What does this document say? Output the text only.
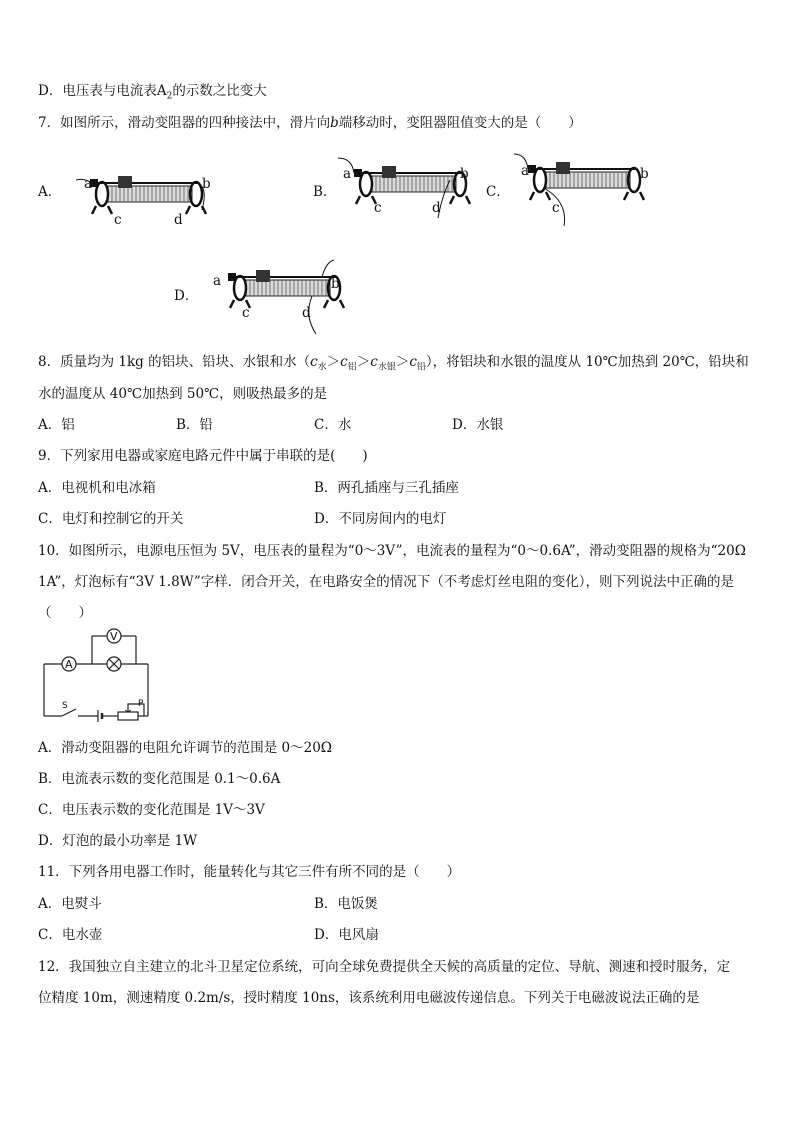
D．电压表与电流表$A_2$的示数之比变大
7．如图所示，滑动变阻器的四种接法中，滑片向b端移动时，变阻器阻值变大的是（　　）
A．	B．	C．
D．
a	b
c	d
a	b
c	d
a	b
c
a	b
c	d
8．质量均为 1kg 的铝块、铅块、水银和水$(c_水>c_铝>c_{水银}>c_铅)$，将铝块和水银的温度从 10℃加热到 20℃，铅块和
水的温度从 40℃加热到 50℃，则吸热最多的是
A．铝	B．铅	C．水	D．水银
9．下列家用电器或家庭电路元件中属于串联的是(　　)
A．电视机和电冰箱	B．两孔插座与三孔插座
C．电灯和控制它的开关	D．不同房间内的电灯
10．如图所示，电源电压恒为 5V，电压表的量程为“0～3V”，电流表的量程为“0～0.6A”，滑动变阻器的规格为“20Ω
1A”，灯泡标有“3V 1.8W”字样．闭合开关，在电路安全的情况下（不考虑灯丝电阻的变化），则下列说法中正确的是
（　　）
V
A
S	P
A．滑动变阻器的电阻允许调节的范围是 0～20Ω
B．电流表示数的变化范围是 0.1～0.6A
C．电压表示数的变化范围是 1V～3V
D．灯泡的最小功率是 1W
11．下列各用电器工作时，能量转化与其它三件有所不同的是（　　）
A．电熨斗	B．电饭煲
C．电水壶	D．电风扇
12．我国独立自主建立的北斗卫星定位系统，可向全球免费提供全天候的高质量的定位、导航、测速和授时服务，定
位精度 10m，测速精度 0.2m/s，授时精度 10ns，该系统利用电磁波传递信息。下列关于电磁波说法正确的是
